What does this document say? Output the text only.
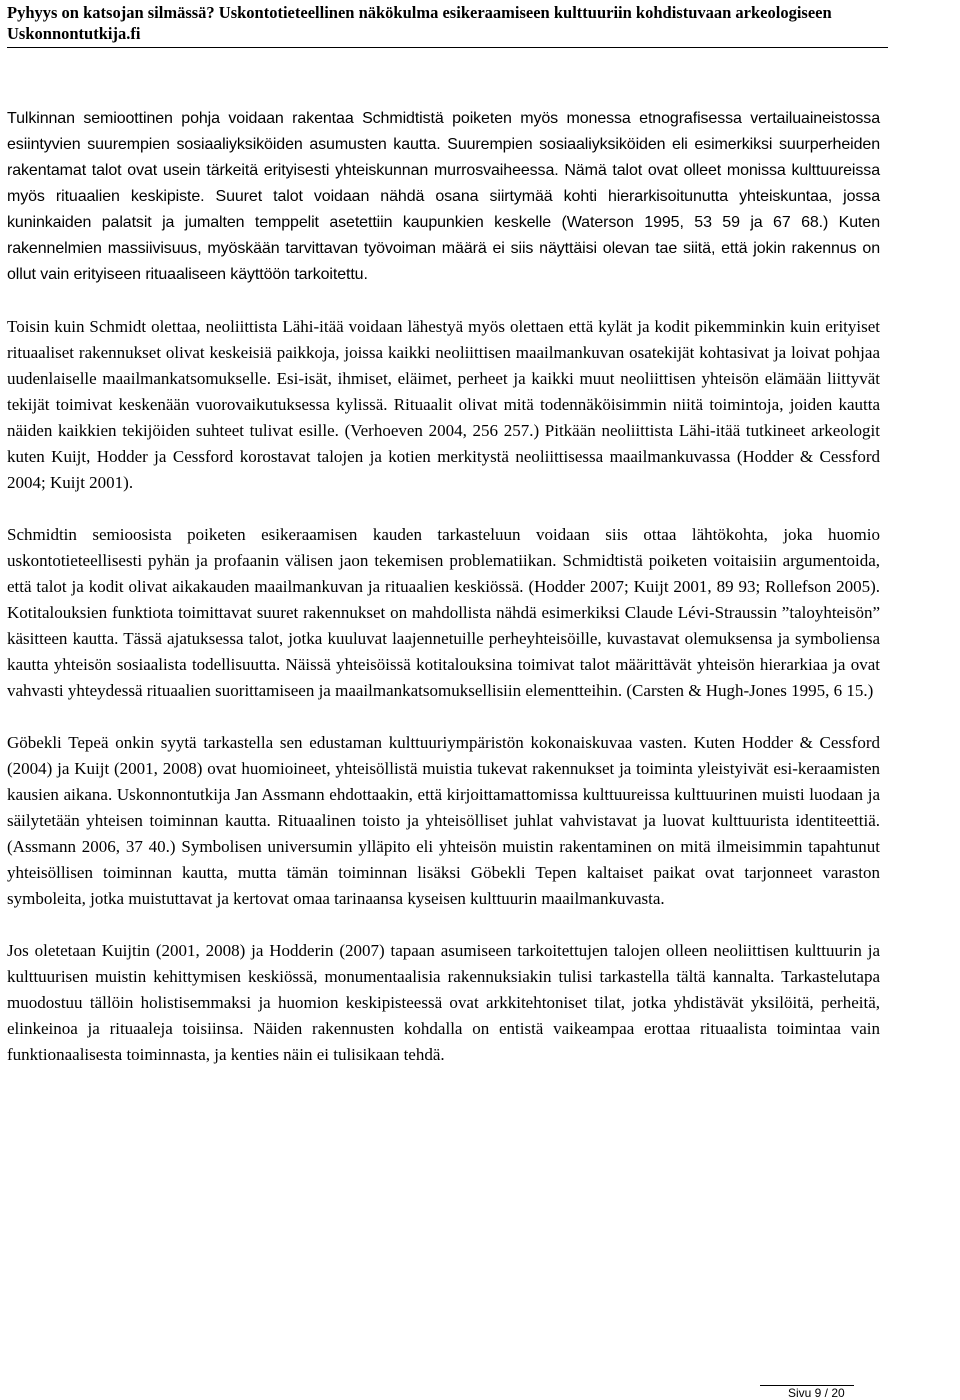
Pyhyys on katsojan silmässä? Uskontotieteellinen näkökulma esikeraamiseen kulttuuriin kohdistuvaan arkeologiseen
Uskonnontutkija.fi

Tulkinnan semioottinen pohja voidaan rakentaa Schmidtistä poiketen myös monessa etnografisessa vertailuaineistossa esiintyvien suurempien sosiaaliyksiköiden asumusten kautta. Suurempien sosiaaliyksiköiden eli esimerkiksi suurperheiden rakentamat talot ovat usein tärkeitä erityisesti yhteiskunnan murrosvaiheessa. Nämä talot ovat olleet monissa kulttuureissa myös rituaalien keskipiste. Suuret talot voidaan nähdä osana siirtymää kohti hierarkisoitunutta yhteiskuntaa, jossa kuninkaiden palatsit ja jumalten temppelit asetettiin kaupunkien keskelle (Waterson 1995, 53 59 ja 67 68.) Kuten rakennelmien massiivisuus, myöskään tarvittavan työvoiman määrä ei siis näyttäisi olevan tae siitä, että jokin rakennus on ollut vain erityiseen rituaaliseen käyttöön tarkoitettu.

Toisin kuin Schmidt olettaa, neoliittista Lähi-itää voidaan lähestyä myös olettaen että kylät ja kodit pikemminkin kuin erityiset rituaaliset rakennukset olivat keskeisiä paikkoja, joissa kaikki neoliittisen maailmankuvan osatekijät kohtasivat ja loivat pohjaa uudenlaiselle maailmankatsomukselle. Esi-isät, ihmiset, eläimet, perheet ja kaikki muut neoliittisen yhteisön elämään liittyvät tekijät toimivat keskenään vuorovaikutuksessa kylissä. Rituaalit olivat mitä todennäköisimmin niitä toimintoja, joiden kautta näiden kaikkien tekijöiden suhteet tulivat esille. (Verhoeven 2004, 256 257.) Pitkään neoliittista Lähi-itää tutkineet arkeologit kuten Kuijt, Hodder ja Cessford korostavat talojen ja kotien merkitystä neoliittisessa maailmankuvassa (Hodder & Cessford 2004; Kuijt 2001).

Schmidtin semioosista poiketen esikeraamisen kauden tarkasteluun voidaan siis ottaa lähtökohta, joka huomio uskontotieteellisesti pyhän ja profaanin välisen jaon tekemisen problematiikan. Schmidtistä poiketen voitaisiin argumentoida, että talot ja kodit olivat aikakauden maailmankuvan ja rituaalien keskiössä. (Hodder 2007; Kuijt 2001, 89 93; Rollefson 2005). Kotitalouksien funktiota toimittavat suuret rakennukset on mahdollista nähdä esimerkiksi Claude Lévi-Straussin ”taloyhteisön” käsitteen kautta. Tässä ajatuksessa talot, jotka kuuluvat laajennetuille perheyhteisöille, kuvastavat olemuksensa ja symboliensa kautta yhteisön sosiaalista todellisuutta. Näissä yhteisöissä kotitalouksina toimivat talot määrittävät yhteisön hierarkiaa ja ovat vahvasti yhteydessä rituaalien suorittamiseen ja maailmankatsomuksellisiin elementteihin. (Carsten & Hugh-Jones 1995, 6 15.)

Göbekli Tepeä onkin syytä tarkastella sen edustaman kulttuuriympäristön kokonaiskuvaa vasten. Kuten Hodder & Cessford (2004) ja Kuijt (2001, 2008) ovat huomioineet, yhteisöllistä muistia tukevat rakennukset ja toiminta yleistyivät esi-keraamisten kausien aikana. Uskonnontutkija Jan Assmann ehdottaakin, että kirjoittamattomissa kulttuureissa kulttuurinen muisti luodaan ja säilytetään yhteisen toiminnan kautta. Rituaalinen toisto ja yhteisölliset juhlat vahvistavat ja luovat kulttuurista identiteettiä. (Assmann 2006, 37 40.) Symbolisen universumin ylläpito eli yhteisön muistin rakentaminen on mitä ilmeisimmin tapahtunut yhteisöllisen toiminnan kautta, mutta tämän toiminnan lisäksi Göbekli Tepen kaltaiset paikat ovat tarjonneet varaston symboleita, jotka muistuttavat ja kertovat omaa tarinaansa kyseisen kulttuurin maailmankuvasta.

Jos oletetaan Kuijtin (2001, 2008) ja Hodderin (2007) tapaan asumiseen tarkoitettujen talojen olleen neoliittisen kulttuurin ja kulttuurisen muistin kehittymisen keskiössä, monumentaalisia rakennuksiakin tulisi tarkastella tältä kannalta. Tarkastelutapa muodostuu tällöin holistisemmaksi ja huomion keskipisteessä ovat arkkitehtoniset tilat, jotka yhdistävät yksilöitä, perheitä, elinkeinoa ja rituaaleja toisiinsa. Näiden rakennusten kohdalla on entistä vaikeampaa erottaa rituaalista toimintaa vain funktionaalisesta toiminnasta, ja kenties näin ei tulisikaan tehdä.

Sivu 9 / 20
